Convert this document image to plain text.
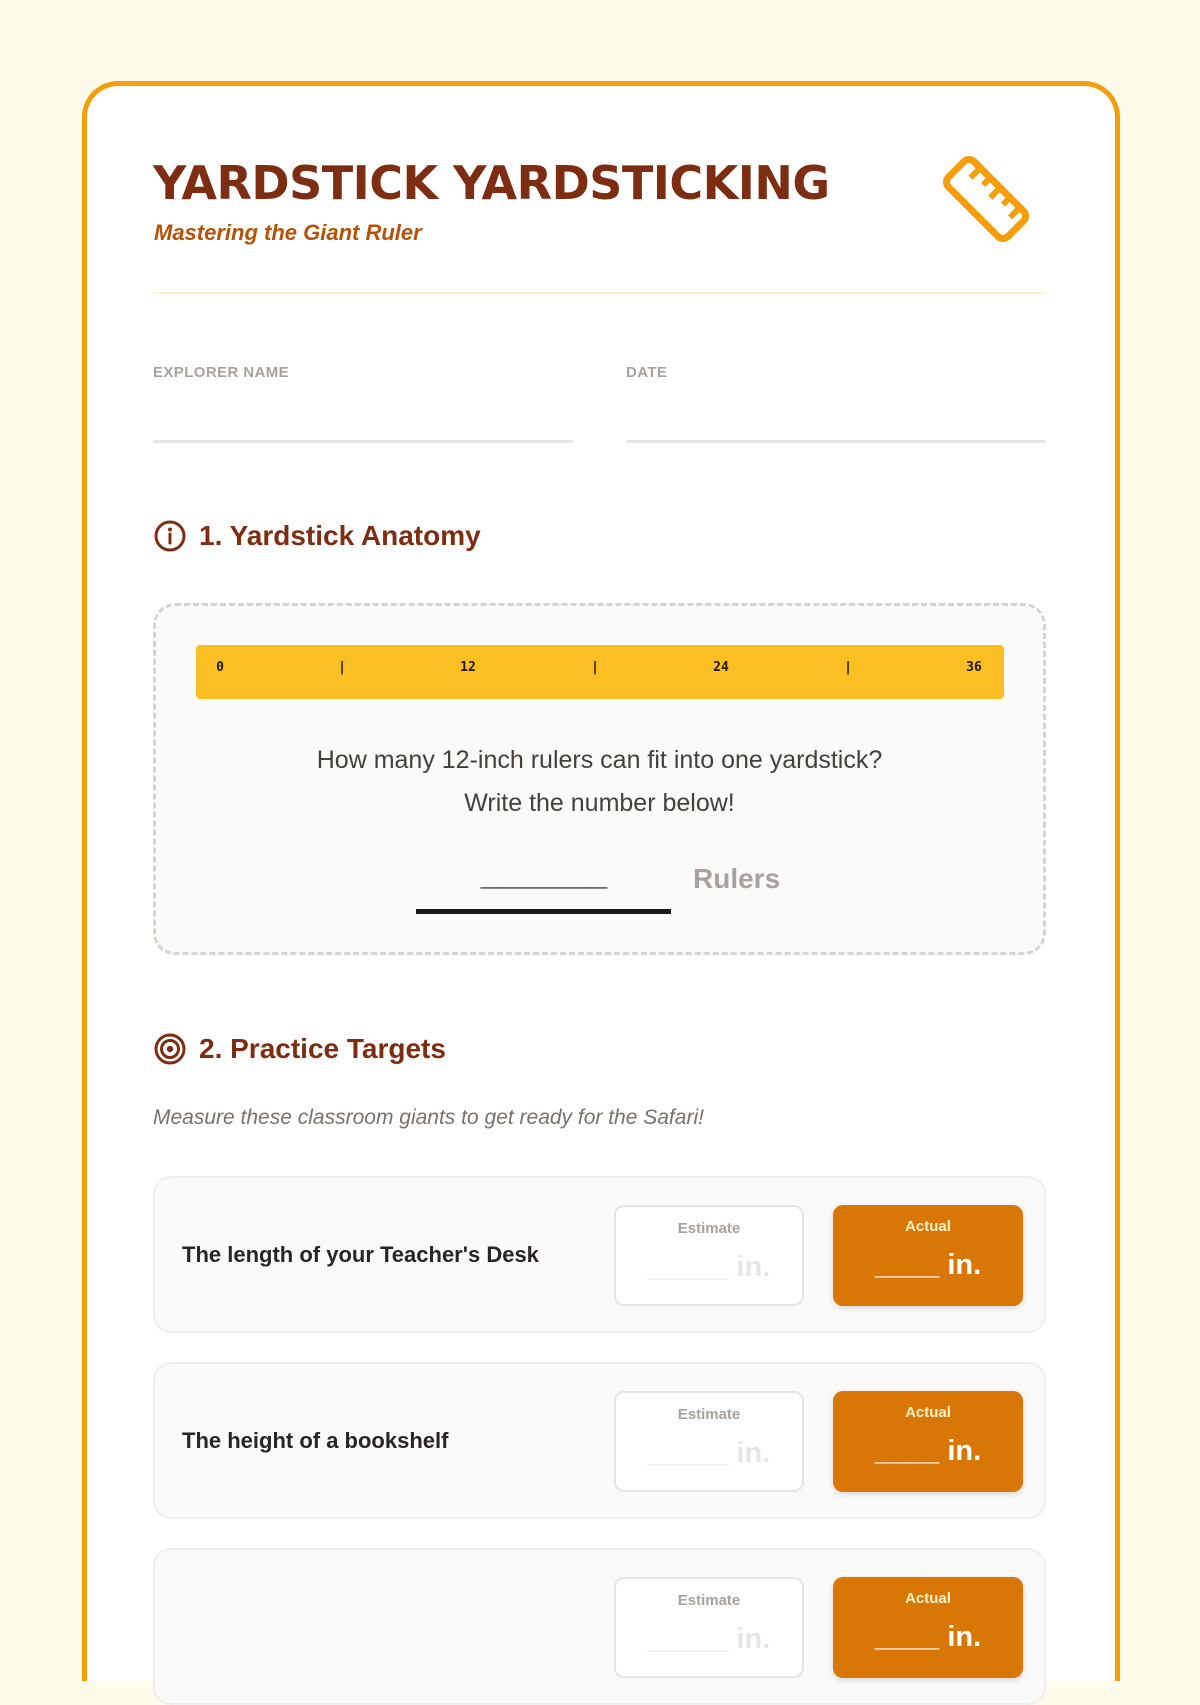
YARDSTICK YARDSTICKING
Mastering the Giant Ruler
EXPLORER NAME	DATE
1. Yardstick Anatomy
0	|	12	|	24	|	36
How many 12-inch rulers can fit into one yardstick?
Write the number below!
________	Rulers
2. Practice Targets
Measure these classroom giants to get ready for the Safari!
The length of your Teacher's Desk
Estimate
_____ in.
Actual
____ in.
The height of a bookshelf
Estimate
_____ in.
Actual
____ in.
Estimate
_____ in.
Actual
____ in.
